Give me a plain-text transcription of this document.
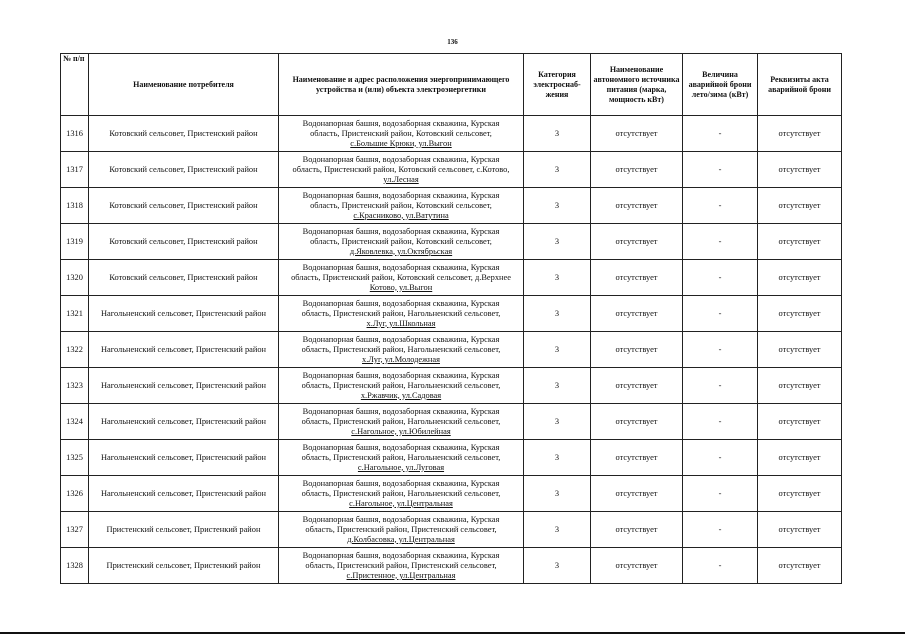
136
№ п/п	Наименование потребителя	Наименование и адрес расположения энергопринимающего устройства и (или) объекта электроэнергетики	Категория электроснаб-жения	Наименование автономного источника питания (марка, мощность кВт)	Величина аварийной брони лето/зима (кВт)	Реквизиты акта аварийной брони
1316	Котовский сельсовет, Пристенский район	Водонапорная башня, водозаборная скважина, Курская
область, Пристенский район, Котовский сельсовет,
с.Большие Крюки, ул.Выгон	3	отсутствует	-	отсутствует
1317	Котовский сельсовет, Пристенский район	Водонапорная башня, водозаборная скважина, Курская
область, Пристенский район, Котовский сельсовет, с.Котово,
ул.Лесная	3	отсутствует	-	отсутствует
1318	Котовский сельсовет, Пристенский район	Водонапорная башня, водозаборная скважина, Курская
область, Пристенский район, Котовский сельсовет,
с.Красниково, ул.Ватутина	3	отсутствует	-	отсутствует
1319	Котовский сельсовет, Пристенский район	Водонапорная башня, водозаборная скважина, Курская
область, Пристенский район, Котовский сельсовет,
д.Яковлевка, ул.Октябрьская	3	отсутствует	-	отсутствует
1320	Котовский сельсовет, Пристенский район	Водонапорная башня, водозаборная скважина, Курская
область, Пристенский район, Котовский сельсовет, д.Верхнее
Котово, ул.Выгон	3	отсутствует	-	отсутствует
1321	Нагольненский сельсовет, Пристенский район	Водонапорная башня, водозаборная скважина, Курская
область, Пристенский район, Нагольненский сельсовет,
х.Луг, ул.Школьная	3	отсутствует	-	отсутствует
1322	Нагольненский сельсовет, Пристенский район	Водонапорная башня, водозаборная скважина, Курская
область, Пристенский район, Нагольненский сельсовет,
х.Луг, ул.Молодежная	3	отсутствует	-	отсутствует
1323	Нагольненский сельсовет, Пристенский район	Водонапорная башня, водозаборная скважина, Курская
область, Пристенский район, Нагольненский сельсовет,
х.Ржавчик, ул.Садовая	3	отсутствует	-	отсутствует
1324	Нагольненский сельсовет, Пристенский район	Водонапорная башня, водозаборная скважина, Курская
область, Пристенский район, Нагольненский сельсовет,
с.Нагольное, ул.Юбилейная	3	отсутствует	-	отсутствует
1325	Нагольненский сельсовет, Пристенский район	Водонапорная башня, водозаборная скважина, Курская
область, Пристенский район, Нагольненский сельсовет,
с.Нагольное, ул.Луговая	3	отсутствует	-	отсутствует
1326	Нагольненский сельсовет, Пристенский район	Водонапорная башня, водозаборная скважина, Курская
область, Пристенский район, Нагольненский сельсовет,
с.Нагольное, ул.Центральная	3	отсутствует	-	отсутствует
1327	Пристенский сельсовет, Пристенкий район	Водонапорная башня, водозаборная скважина, Курская
область, Пристенский район, Пристенский сельсовет,
д.Колбасовка, ул.Центральная	3	отсутствует	-	отсутствует
1328	Пристенский сельсовет, Пристенкий район	Водонапорная башня, водозаборная скважина, Курская
область, Пристенский район, Пристенский сельсовет,
с.Пристенное, ул.Центральная	3	отсутствует	-	отсутствует
